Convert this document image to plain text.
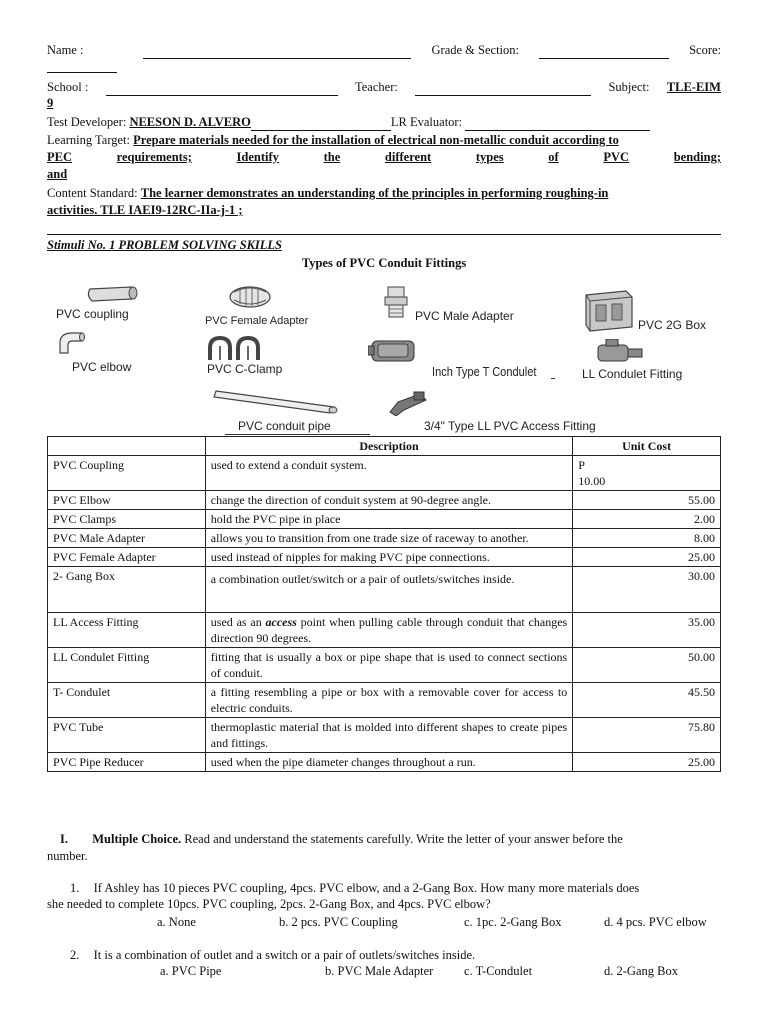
Name :
	Grade & Section:
	Score:
School :
	Teacher:
	Subject: TLE-EIM
9
Test Developer: NEESON D. ALVERO	LR Evaluator:
Learning Target: Prepare materials needed for the installation of electrical non-metallic conduit according to
PEC	requirements;	Identify	the	different	types	of	PVC	bending;
and
Content Standard: The learner demonstrates an understanding of the principles in performing roughing-in
activities. TLE IAEI9-12RC-IIa-j-1 ;
Stimuli No. 1 PROBLEM SOLVING SKILLS
Types of PVC Conduit Fittings
PVC coupling	PVC Female Adapter	PVC Male Adapter
PVC 2G Box
PVC elbow	PVC C-Clamp	Inch Type T Condulet	LL Condulet Fitting
PVC conduit pipe	3/4" Type LL PVC Access Fitting
	Description	Unit Cost
PVC Coupling	used to extend a conduit system.	P
10.00

PVC Elbow	change the direction of conduit system at 90-degree angle.	55.00
PVC Clamps	hold the PVC pipe in place	2.00
PVC Male Adapter	allows you to transition from one trade size of raceway to another.	8.00
PVC Female Adapter	used instead of nipples for making PVC pipe connections.	25.00
2- Gang Box	a combination outlet/switch or a pair of outlets/switches inside.	30.00
LL Access Fitting	used as an access point when pulling cable through conduit that changes direction 90 degrees.	35.00
LL Condulet Fitting	fitting that is usually a box or pipe shape that is used to connect sections of conduit.	50.00
T- Condulet	a fitting resembling a pipe or box with a removable cover for access to electric conduits.	45.50
PVC Tube	thermoplastic material that is molded into different shapes to create pipes and fittings.	75.80
PVC Pipe Reducer	used when the pipe diameter changes throughout a run.	25.00
I. Multiple Choice. Read and understand the statements carefully. Write the letter of your answer before the
number.
1. If Ashley has 10 pieces PVC coupling, 4pcs. PVC elbow, and a 2-Gang Box. How many more materials does
she needed to complete 10pcs. PVC coupling, 2pcs. 2-Gang Box, and 4pcs. PVC elbow?
a. None	b. 2 pcs. PVC Coupling	c. 1pc. 2-Gang Box	d. 4 pcs. PVC elbow
2. It is a combination of outlet and a switch or a pair of outlets/switches inside.
a. PVC Pipe	b. PVC Male Adapter c. T-Condulet	d. 2-Gang Box
